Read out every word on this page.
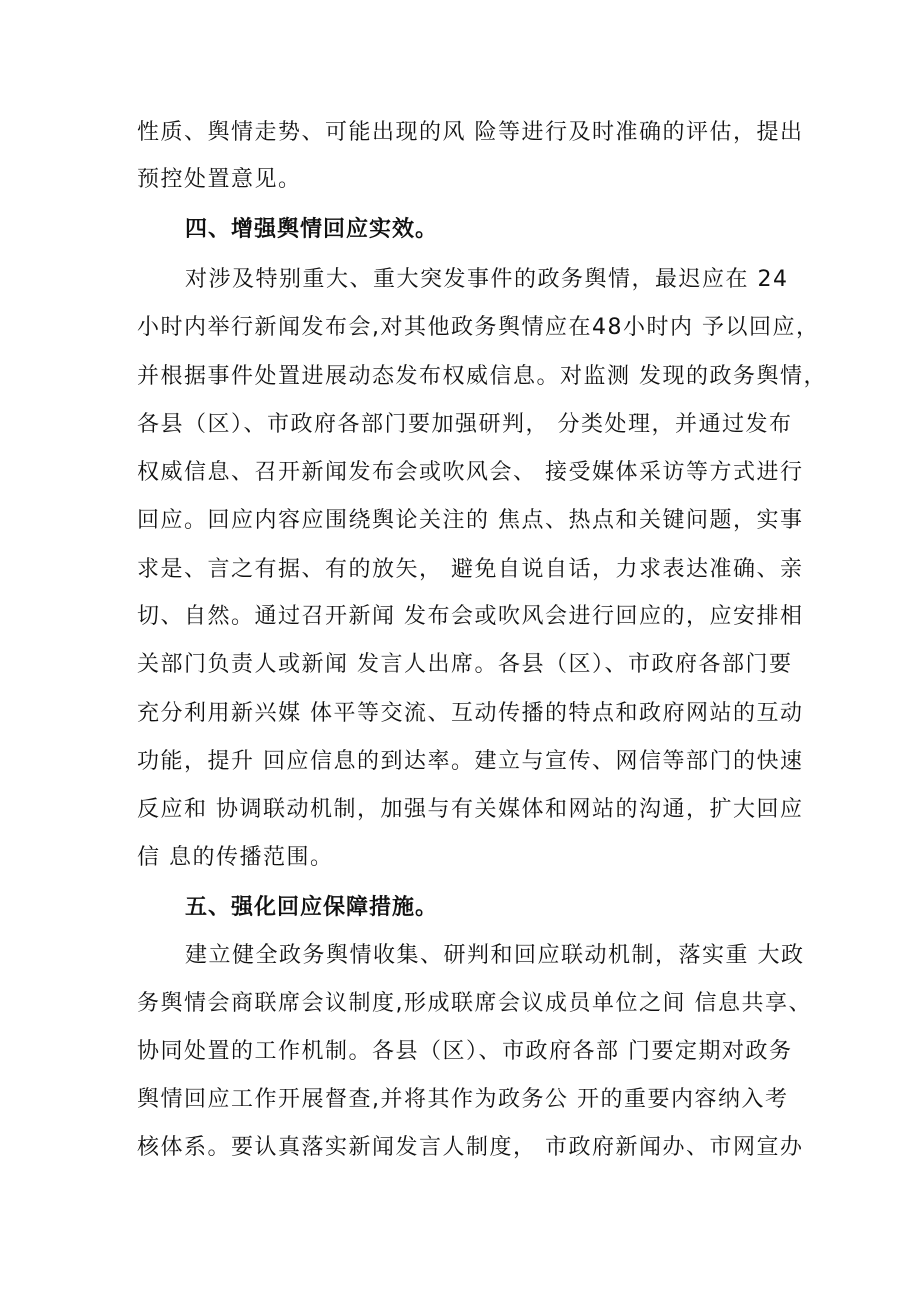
性质、舆情走势、可能出现的风 险等进行及时准确的评估，提出
预控处置意见。
四、增强舆情回应实效。
对涉及特别重大、重大突发事件的政务舆情，最迟应在 24
小时内举行新闻发布会,对其他政务舆情应在48小时内 予以回应，
并根据事件处置进展动态发布权威信息。对监测 发现的政务舆情，
各县（区）、市政府各部门要加强研判， 分类处理，并通过发布
权威信息、召开新闻发布会或吹风会、 接受媒体采访等方式进行
回应。回应内容应围绕舆论关注的 焦点、热点和关键问题，实事
求是、言之有据、有的放矢， 避免自说自话，力求表达准确、亲
切、自然。通过召开新闻 发布会或吹风会进行回应的，应安排相
关部门负责人或新闻 发言人出席。各县（区）、市政府各部门要
充分利用新兴媒 体平等交流、互动传播的特点和政府网站的互动
功能，提升 回应信息的到达率。建立与宣传、网信等部门的快速
反应和 协调联动机制，加强与有关媒体和网站的沟通，扩大回应
信 息的传播范围。
五、强化回应保障措施。
建立健全政务舆情收集、研判和回应联动机制，落实重 大政
务舆情会商联席会议制度,形成联席会议成员单位之间 信息共享、
协同处置的工作机制。各县（区）、市政府各部 门要定期对政务
舆情回应工作开展督查,并将其作为政务公 开的重要内容纳入考
核体系。要认真落实新闻发言人制度， 市政府新闻办、市网宣办
